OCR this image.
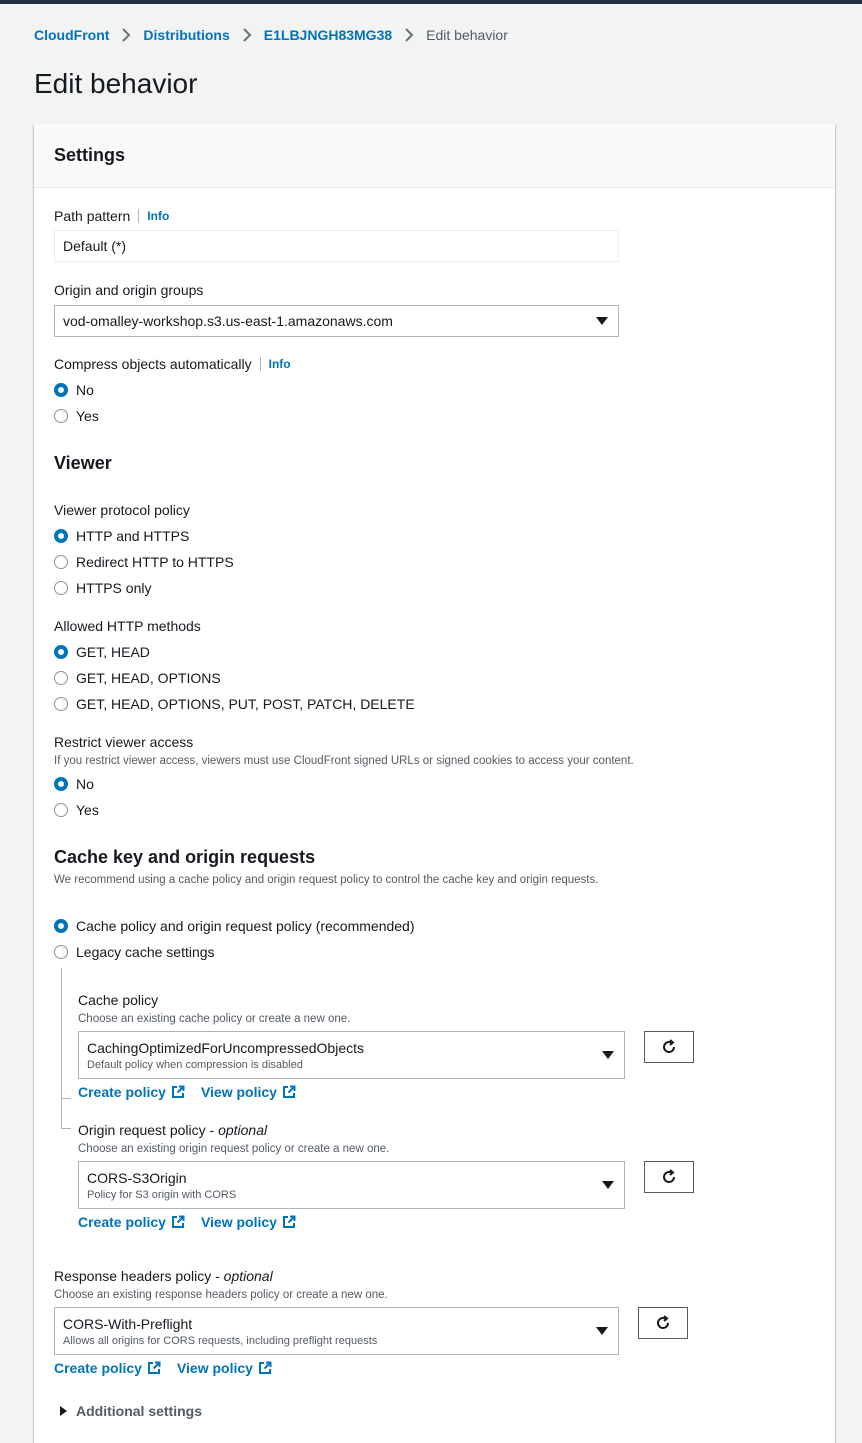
CloudFront Distributions E1LBJNGH83MG38 Edit behavior
Edit behavior
Settings
Path pattern	Info
Default (*)
Origin and origin groups
vod-omalley-workshop.s3.us-east-1.amazonaws.com
Compress objects automatically	Info
No
Yes
Viewer
Viewer protocol policy
HTTP and HTTPS
Redirect HTTP to HTTPS
HTTPS only
Allowed HTTP methods
GET, HEAD
GET, HEAD, OPTIONS
GET, HEAD, OPTIONS, PUT, POST, PATCH, DELETE
Restrict viewer access
If you restrict viewer access, viewers must use CloudFront signed URLs or signed cookies to access your content.
No
Yes
Cache key and origin requests
We recommend using a cache policy and origin request policy to control the cache key and origin requests.
Cache policy and origin request policy (recommended)
Legacy cache settings
Cache policy
Choose an existing cache policy or create a new one.
CachingOptimizedForUncompressedObjects
Default policy when compression is disabled
Create policy	View policy
Origin request policy - optional
Choose an existing origin request policy or create a new one.
CORS-S3Origin
Policy for S3 origin with CORS
Create policy	View policy
Response headers policy - optional
Choose an existing response headers policy or create a new one.
CORS-With-Preflight
Allows all origins for CORS requests, including preflight requests
Create policy	View policy
Additional settings
